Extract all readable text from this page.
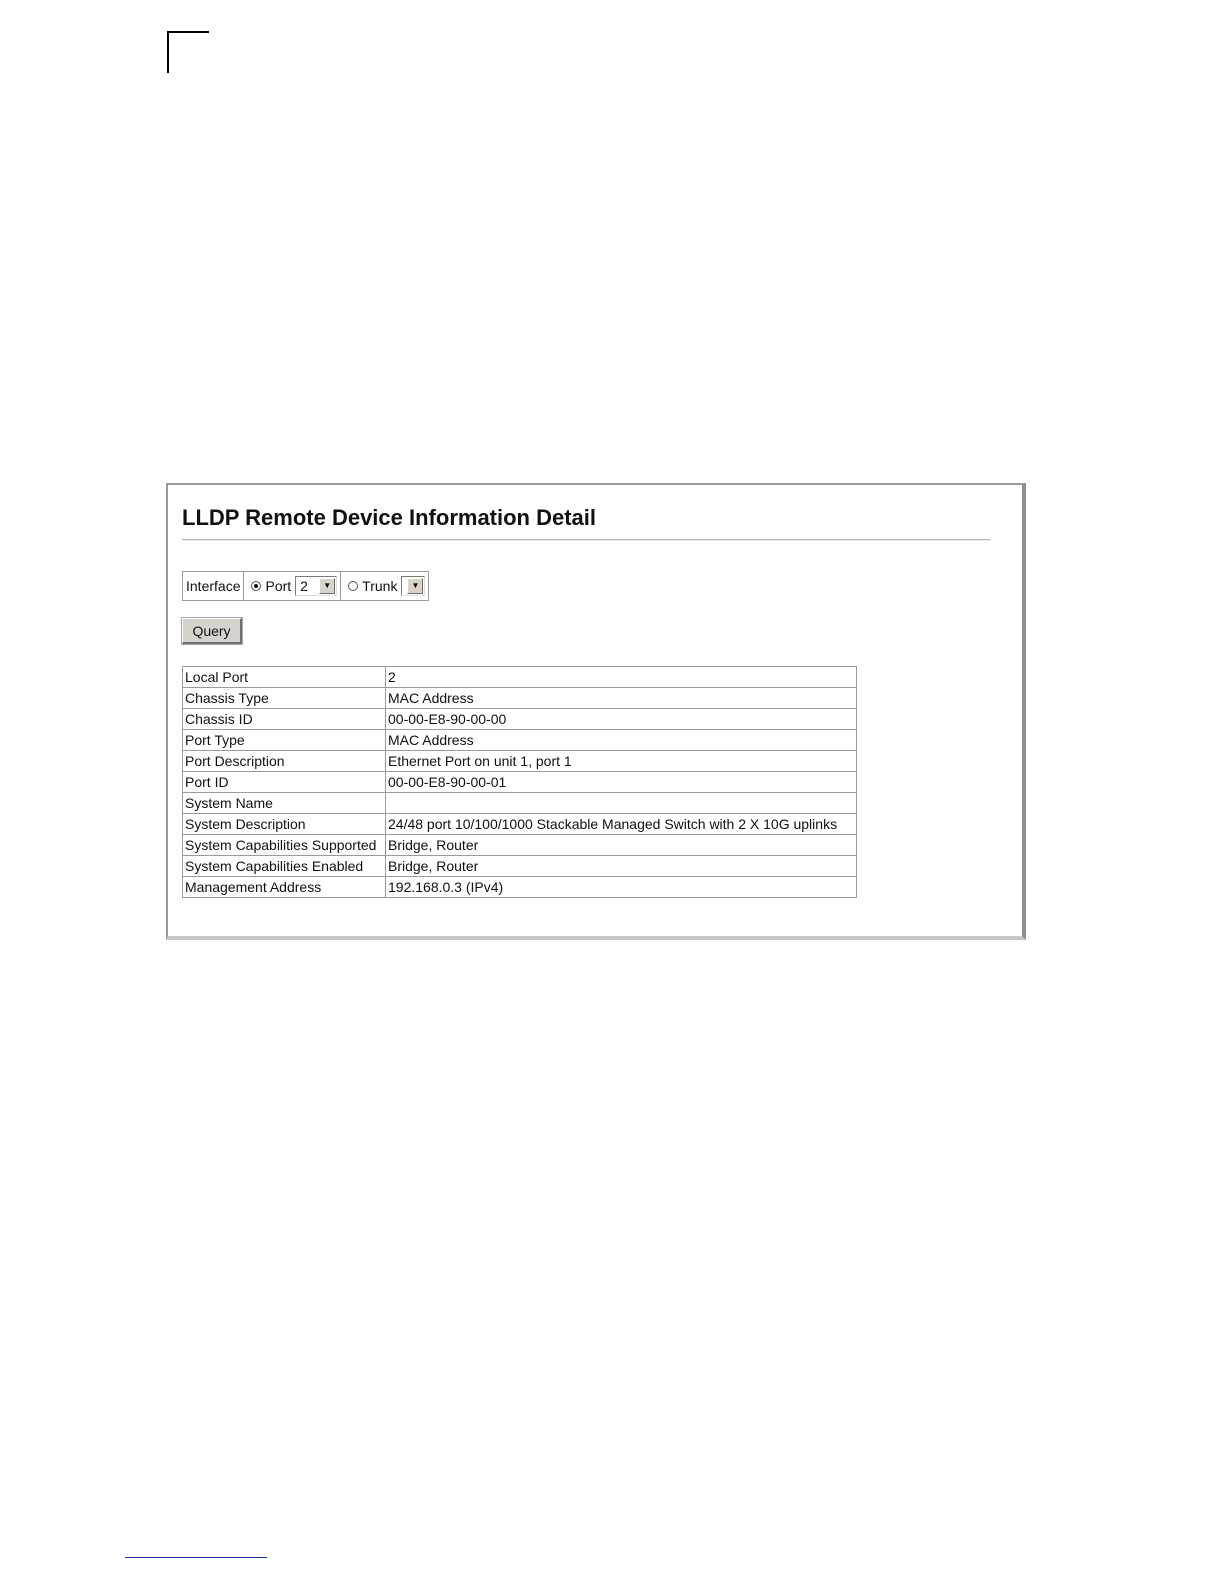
LLDP Remote Device Information Detail
Interface Port 2	▼ Trunk	▼
Query
Local Port	2
Chassis Type	MAC Address
Chassis ID	00-00-E8-90-00-00
Port Type	MAC Address
Port Description	Ethernet Port on unit 1, port 1
Port ID	00-00-E8-90-00-01
System Name	
System Description	24/48 port 10/100/1000 Stackable Managed Switch with 2 X 10G uplinks
System Capabilities Supported	Bridge, Router
System Capabilities Enabled	Bridge, Router
Management Address	192.168.0.3 (IPv4)
